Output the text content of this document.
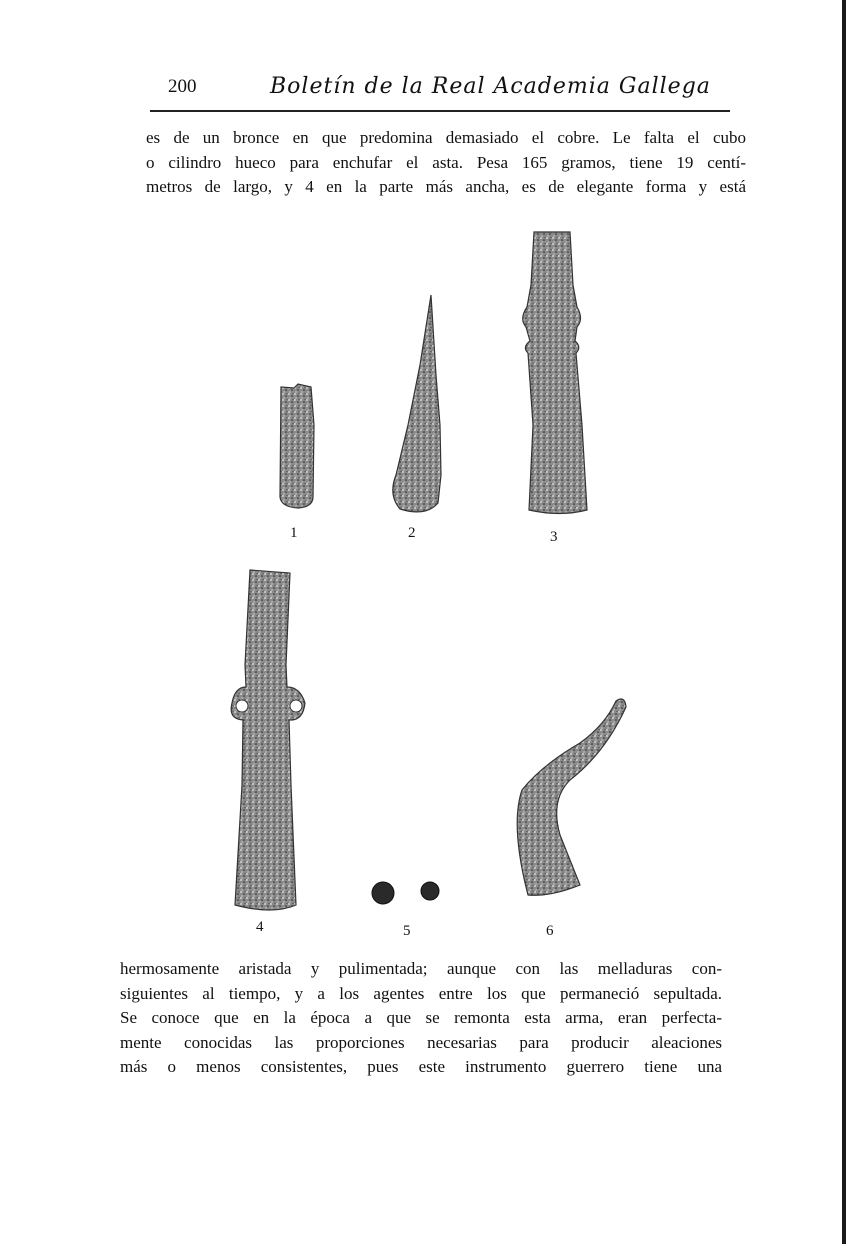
200	Boletín de la Real Academia Gallega

es de un bronce en que predomina demasiado el cobre. Le falta el cubo
o cilindro hueco para enchufar el asta. Pesa 165 gramos, tiene 19 centí-
metros de largo, y 4 en la parte más ancha, es de elegante forma y está

1	2	3
4	5	6

hermosamente aristada y pulimentada; aunque con las melladuras con-
siguientes al tiempo, y a los agentes entre los que permaneció sepultada.
Se conoce que en la época a que se remonta esta arma, eran perfecta-
mente conocidas las proporciones necesarias para producir aleaciones
más o menos consistentes, pues este instrumento guerrero tiene una
